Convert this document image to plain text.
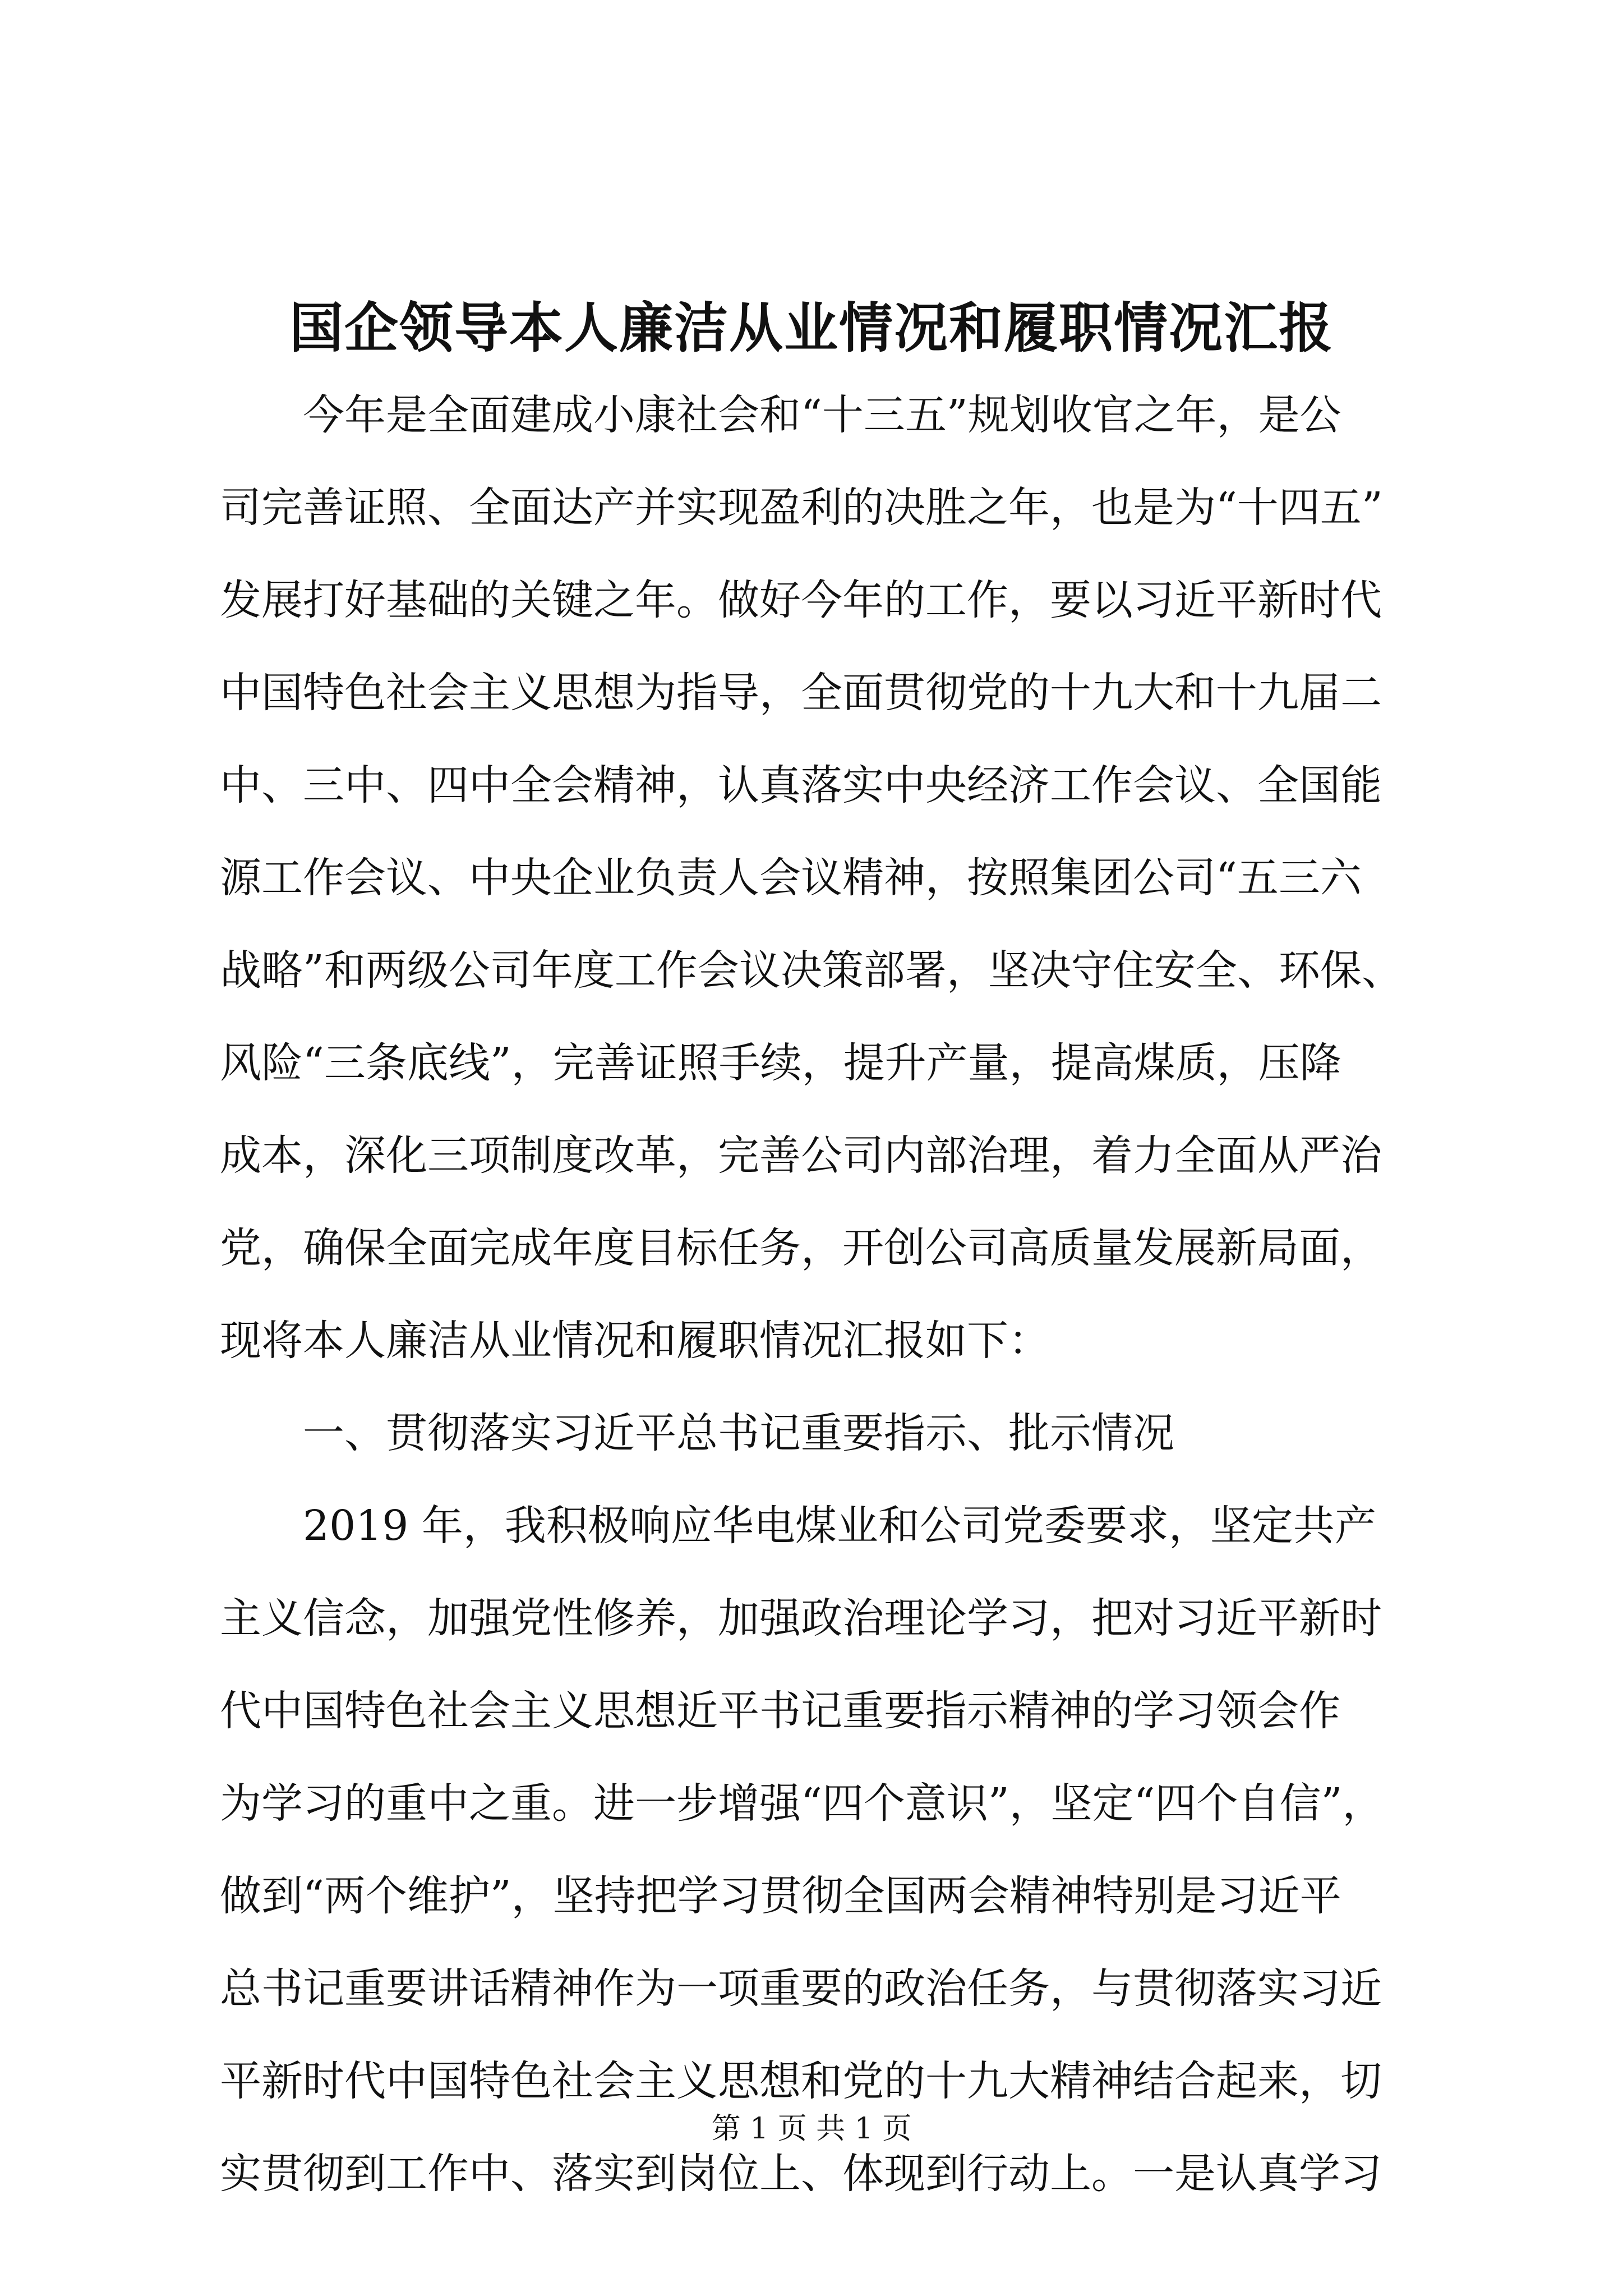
国企领导本人廉洁从业情况和履职情况汇报

今年是全面建成小康社会和“十三五”规划收官之年，是公

司完善证照、全面达产并实现盈利的决胜之年，也是为“十四五”

发展打好基础的关键之年。做好今年的工作，要以习近平新时代

中国特色社会主义思想为指导，全面贯彻党的十九大和十九届二

中、三中、四中全会精神，认真落实中央经济工作会议、全国能

源工作会议、中央企业负责人会议精神，按照集团公司“五三六

战略”和两级公司年度工作会议决策部署，坚决守住安全、环保、

风险“三条底线”，完善证照手续，提升产量，提高煤质，压降

成本，深化三项制度改革，完善公司内部治理，着力全面从严治

党，确保全面完成年度目标任务，开创公司高质量发展新局面，

现将本人廉洁从业情况和履职情况汇报如下：

一、贯彻落实习近平总书记重要指示、批示情况

2019 年，我积极响应华电煤业和公司党委要求，坚定共产

主义信念，加强党性修养，加强政治理论学习，把对习近平新时

代中国特色社会主义思想近平书记重要指示精神的学习领会作

为学习的重中之重。进一步增强“四个意识”，坚定“四个自信”，

做到“两个维护”，坚持把学习贯彻全国两会精神特别是习近平

总书记重要讲话精神作为一项重要的政治任务，与贯彻落实习近

平新时代中国特色社会主义思想和党的十九大精神结合起来，切

实贯彻到工作中、落实到岗位上、体现到行动上。一是认真学习

第 1 页 共 1 页
